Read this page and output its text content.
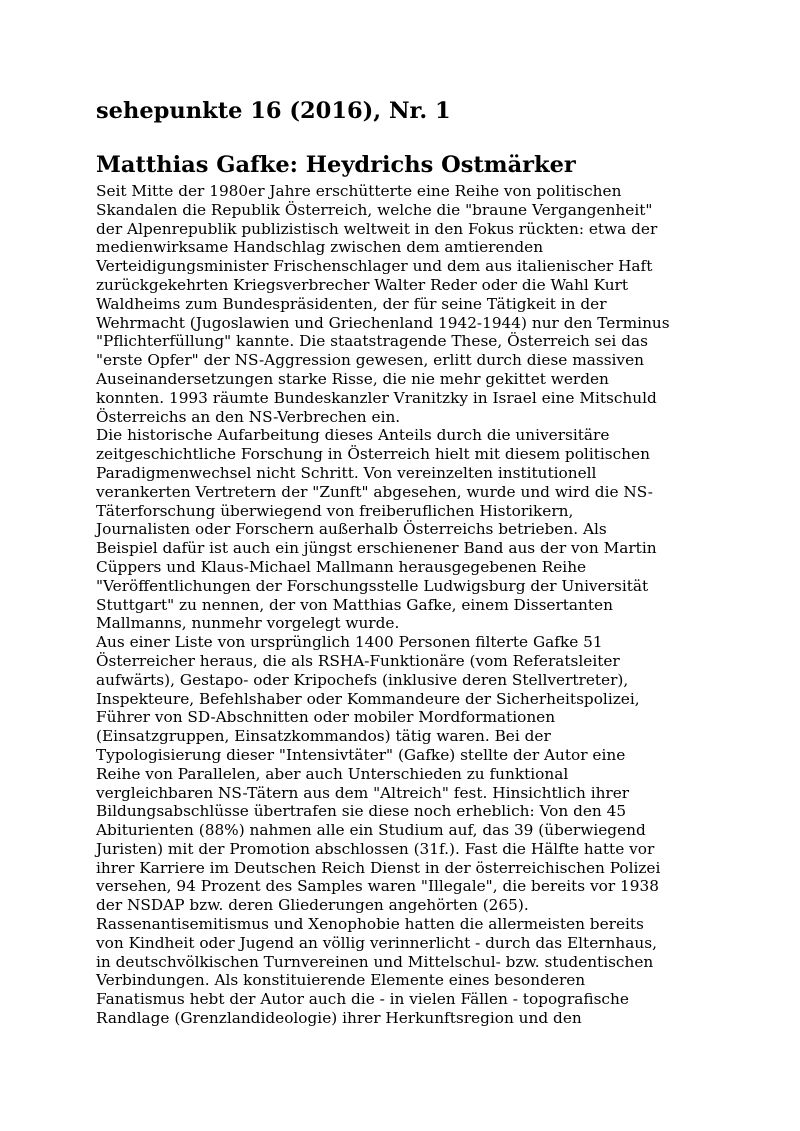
sehepunkte 16 (2016), Nr. 1
Matthias Gafke: Heydrichs Ostmärker
Seit Mitte der 1980er Jahre erschütterte eine Reihe von politischen
Skandalen die Republik Österreich, welche die "braune Vergangenheit"
der Alpenrepublik publizistisch weltweit in den Fokus rückten: etwa der
medienwirksame Handschlag zwischen dem amtierenden
Verteidigungsminister Frischenschlager und dem aus italienischer Haft
zurückgekehrten Kriegsverbrecher Walter Reder oder die Wahl Kurt
Waldheims zum Bundespräsidenten, der für seine Tätigkeit in der
Wehrmacht (Jugoslawien und Griechenland 1942-1944) nur den Terminus
"Pflichterfüllung" kannte. Die staatstragende These, Österreich sei das
"erste Opfer" der NS-Aggression gewesen, erlitt durch diese massiven
Auseinandersetzungen starke Risse, die nie mehr gekittet werden
konnten. 1993 räumte Bundeskanzler Vranitzky in Israel eine Mitschuld
Österreichs an den NS-Verbrechen ein.
Die historische Aufarbeitung dieses Anteils durch die universitäre
zeitgeschichtliche Forschung in Österreich hielt mit diesem politischen
Paradigmenwechsel nicht Schritt. Von vereinzelten institutionell
verankerten Vertretern der "Zunft" abgesehen, wurde und wird die NS-
Täterforschung überwiegend von freiberuflichen Historikern,
Journalisten oder Forschern außerhalb Österreichs betrieben. Als
Beispiel dafür ist auch ein jüngst erschienener Band aus der von Martin
Cüppers und Klaus-Michael Mallmann herausgegebenen Reihe
"Veröffentlichungen der Forschungsstelle Ludwigsburg der Universität
Stuttgart" zu nennen, der von Matthias Gafke, einem Dissertanten
Mallmanns, nunmehr vorgelegt wurde.
Aus einer Liste von ursprünglich 1400 Personen filterte Gafke 51
Österreicher heraus, die als RSHA-Funktionäre (vom Referatsleiter
aufwärts), Gestapo- oder Kripochefs (inklusive deren Stellvertreter),
Inspekteure, Befehlshaber oder Kommandeure der Sicherheitspolizei,
Führer von SD-Abschnitten oder mobiler Mordformationen
(Einsatzgruppen, Einsatzkommandos) tätig waren. Bei der
Typologisierung dieser "Intensivtäter" (Gafke) stellte der Autor eine
Reihe von Parallelen, aber auch Unterschieden zu funktional
vergleichbaren NS-Tätern aus dem "Altreich" fest. Hinsichtlich ihrer
Bildungsabschlüsse übertrafen sie diese noch erheblich: Von den 45
Abiturienten (88%) nahmen alle ein Studium auf, das 39 (überwiegend
Juristen) mit der Promotion abschlossen (31f.). Fast die Hälfte hatte vor
ihrer Karriere im Deutschen Reich Dienst in der österreichischen Polizei
versehen, 94 Prozent des Samples waren "Illegale", die bereits vor 1938
der NSDAP bzw. deren Gliederungen angehörten (265).
Rassenantisemitismus und Xenophobie hatten die allermeisten bereits
von Kindheit oder Jugend an völlig verinnerlicht - durch das Elternhaus,
in deutschvölkischen Turnvereinen und Mittelschul- bzw. studentischen
Verbindungen. Als konstituierende Elemente eines besonderen
Fanatismus hebt der Autor auch die - in vielen Fällen - topografische
Randlage (Grenzlandideologie) ihrer Herkunftsregion und den
